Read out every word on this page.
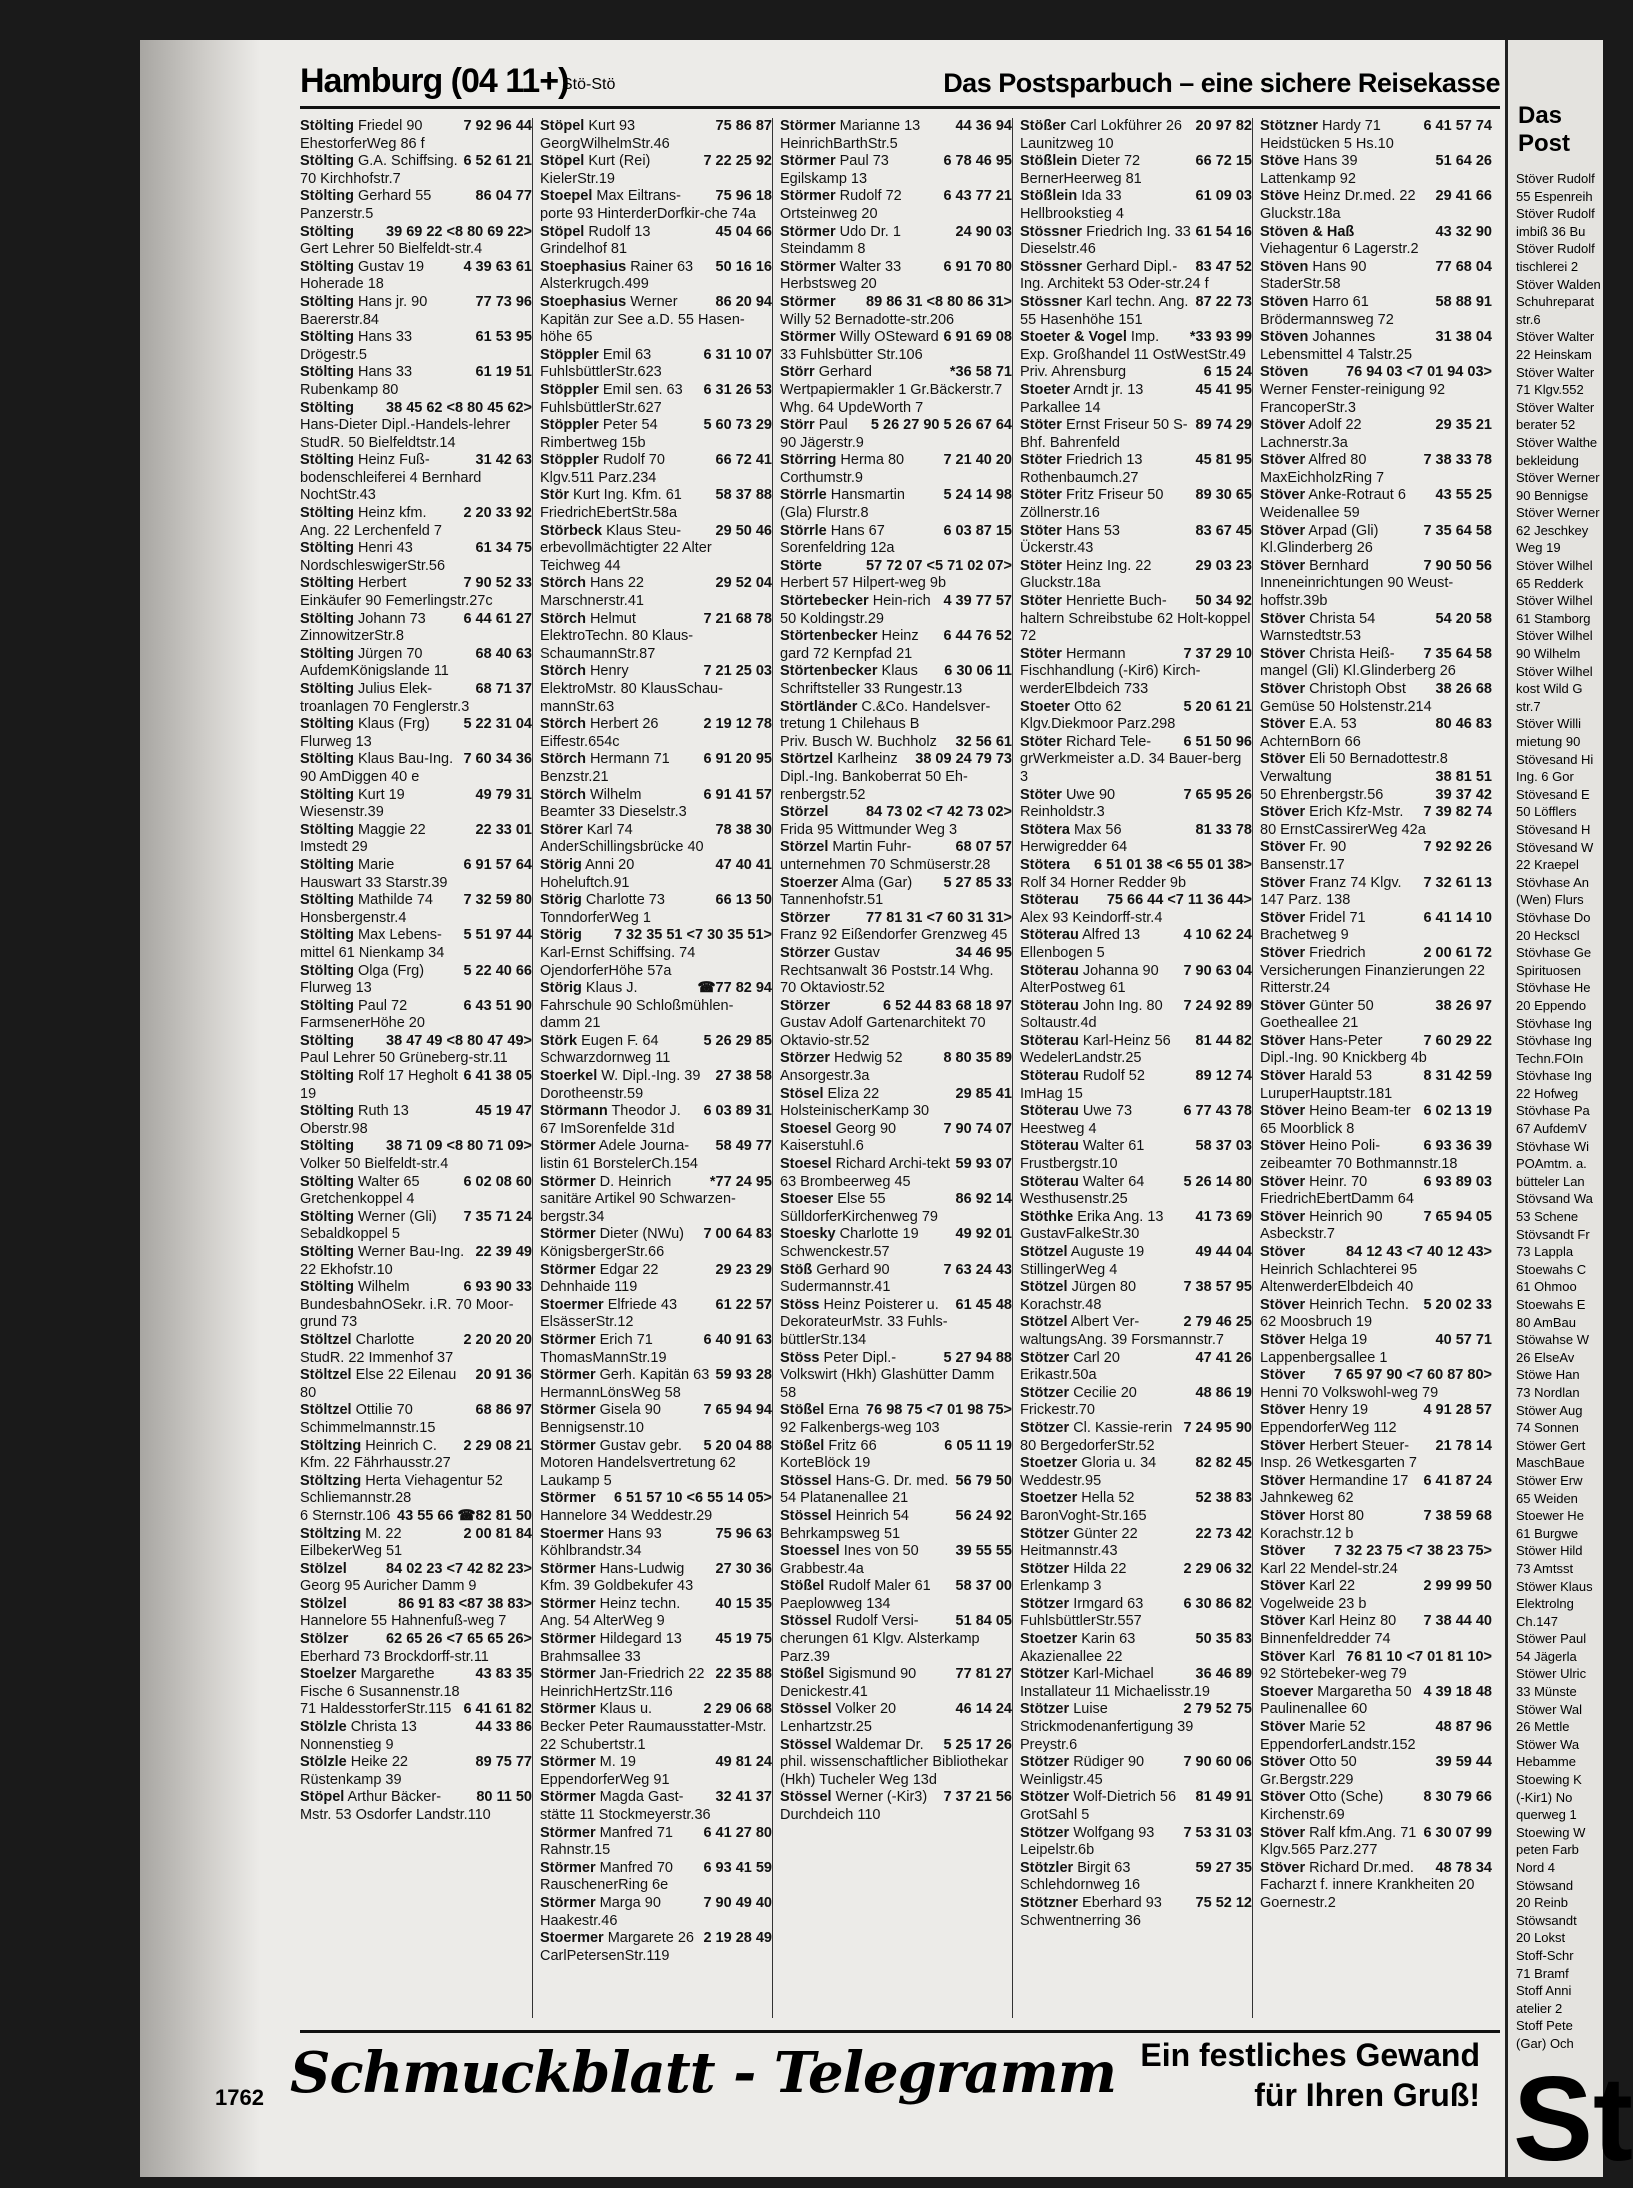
Hamburg (04 11+)
Stö-Stö	Das Postsparbuch – eine sichere Reisekasse
7 92 96 44
Stölting Friedel 90 EhestorferWeg 86 f
6 52 61 21
Stölting G.A. Schiffsing. 70 Kirchhofstr.7
86 04 77
Stölting Gerhard 55 Panzerstr.5
39 69 22 <8 80 69 22>
Stölting Gert Lehrer 50 Bielfeldt-str.4
4 39 63 61
Stölting Gustav 19 Hoherade 18
77 73 96
Stölting Hans jr. 90 Baererstr.84
61 53 95
Stölting Hans 33 Drögestr.5
61 19 51
Stölting Hans 33 Rubenkamp 80
38 45 62 <8 80 45 62>
Stölting Hans-Dieter Dipl.-Handels-lehrer StudR. 50 Bielfeldtstr.14
31 42 63
Stölting Heinz Fuß-bodenschleiferei 4 Bernhard NochtStr.43
2 20 33 92
Stölting Heinz kfm. Ang. 22 Lerchenfeld 7
61 34 75
Stölting Henri 43 NordschleswigerStr.56
7 90 52 33
Stölting Herbert Einkäufer 90 Femerlingstr.27c
6 44 61 27
Stölting Johann 73 ZinnowitzerStr.8
68 40 63
Stölting Jürgen 70 AufdemKönigslande 11
68 71 37
Stölting Julius Elek-troanlagen 70 Fenglerstr.3
5 22 31 04
Stölting Klaus (Frg) Flurweg 13
7 60 34 36
Stölting Klaus Bau-Ing. 90 AmDiggen 40 e
49 79 31
Stölting Kurt 19 Wiesenstr.39
22 33 01
Stölting Maggie 22 Imstedt 29
6 91 57 64
Stölting Marie Hauswart 33 Starstr.39
7 32 59 80
Stölting Mathilde 74 Honsbergenstr.4
5 51 97 44
Stölting Max Lebens-mittel 61 Nienkamp 34
5 22 40 66
Stölting Olga (Frg) Flurweg 13
6 43 51 90
Stölting Paul 72 FarmsenerHöhe 20
38 47 49 <8 80 47 49>
Stölting Paul Lehrer 50 Grüneberg-str.11
6 41 38 05
Stölting Rolf 17 Hegholt 19
45 19 47
Stölting Ruth 13 Oberstr.98
38 71 09 <8 80 71 09>
Stölting Volker 50 Bielfeldt-str.4
6 02 08 60
Stölting Walter 65 Gretchenkoppel 4
7 35 71 24
Stölting Werner (Gli) Sebaldkoppel 5
22 39 49
Stölting Werner Bau-Ing. 22 Ekhofstr.10
6 93 90 33
Stölting Wilhelm BundesbahnOSekr. i.R. 70 Moor-grund 73
2 20 20 20
Stöltzel Charlotte StudR. 22 Immenhof 37
20 91 36
Stöltzel Else 22 Eilenau 80
68 86 97
Stöltzel Ottilie 70 Schimmelmannstr.15
2 29 08 21
Stöltzing Heinrich C. Kfm. 22 Fährhausstr.27
Stöltzing Herta Viehagentur 52 Schliemannstr.28
☎82 81 50
43 55 66
6 Sternstr.106
2 00 81 84
Stöltzing M. 22 EilbekerWeg 51
84 02 23 <7 42 82 23>
Stölzel Georg 95 Auricher Damm 9
86 91 83 <87 38 83>
Stölzel Hannelore 55 Hahnenfuß-weg 7
62 65 26 <7 65 65 26>
Stölzer Eberhard 73 Brockdorff-str.11
43 83 35
Stoelzer Margarethe Fische 6 Susannenstr.18
6 41 61 82
71 HaldesstorferStr.115
44 33 86
Stölzle Christa 13 Nonnenstieg 9
89 75 77
Stölzle Heike 22 Rüstenkamp 39
80 11 50
Stöpel Arthur Bäcker-Mstr. 53 Osdorfer Landstr.110
75 86 87
Stöpel Kurt 93 GeorgWilhelmStr.46
7 22 25 92
Stöpel Kurt (Rei) KielerStr.19
75 96 18
Stoepel Max Eiltrans-porte 93 HinterderDorfkir-che 74a
45 04 66
Stöpel Rudolf 13 Grindelhof 81
50 16 16
Stoephasius Rainer 63 Alsterkrugch.499
86 20 94
Stoephasius Werner Kapitän zur See a.D. 55 Hasen-höhe 65
6 31 10 07
Stöppler Emil 63 FuhlsbüttlerStr.623
6 31 26 53
Stöppler Emil sen. 63 FuhlsbüttlerStr.627
5 60 73 29
Stöppler Peter 54 Rimbertweg 15b
66 72 41
Stöppler Rudolf 70 Klgv.511 Parz.234
58 37 88
Stör Kurt Ing. Kfm. 61 FriedrichEbertStr.58a
29 50 46
Störbeck Klaus Steu-erbevollmächtigter 22 Alter Teichweg 44
29 52 04
Störch Hans 22 Marschnerstr.41
7 21 68 78
Störch Helmut ElektroTechn. 80 Klaus-SchaumannStr.87
7 21 25 03
Störch Henry ElektroMstr. 80 KlausSchau-mannStr.63
2 19 12 78
Störch Herbert 26 Eiffestr.654c
6 91 20 95
Störch Hermann 71 Benzstr.21
6 91 41 57
Störch Wilhelm Beamter 33 Dieselstr.3
78 38 30
Störer Karl 74 AnderSchillingsbrücke 40
47 40 41
Störig Anni 20 Hoheluftch.91
66 13 50
Störig Charlotte 73 TonndorferWeg 1
7 32 35 51 <7 30 35 51>
Störig Karl-Ernst Schiffsing. 74 OjendorferHöhe 57a
☎77 82 94
Störig Klaus J. Fahrschule 90 Schloßmühlen-damm 21
5 26 29 85
Störk Eugen F. 64 Schwarzdornweg 11
27 38 58
Stoerkel W. Dipl.-Ing. 39 Dorotheenstr.59
6 03 89 31
Störmann Theodor J. 67 ImSorenfelde 31d
58 49 77
Störmer Adele Journa-listin 61 BorstelerCh.154
*77 24 95
Störmer D. Heinrich sanitäre Artikel 90 Schwarzen-bergstr.34
7 00 64 83
Störmer Dieter (NWu) KönigsbergerStr.66
29 23 29
Störmer Edgar 22 Dehnhaide 119
61 22 57
Stoermer Elfriede 43 ElsässerStr.12
6 40 91 63
Störmer Erich 71 ThomasMannStr.19
59 93 28
Störmer Gerh. Kapitän 63 HermannLönsWeg 58
7 65 94 94
Störmer Gisela 90 Bennigsenstr.10
5 20 04 88
Störmer Gustav gebr. Motoren Handelsvertretung 62 Laukamp 5
6 51 57 10 <6 55 14 05>
Störmer Hannelore 34 Weddestr.29
75 96 63
Stoermer Hans 93 Köhlbrandstr.34
27 30 36
Störmer Hans-Ludwig Kfm. 39 Goldbekufer 43
40 15 35
Störmer Heinz techn. Ang. 54 AlterWeg 9
45 19 75
Störmer Hildegard 13 Brahmsallee 33
22 35 88
Störmer Jan-Friedrich 22 HeinrichHertzStr.116
2 29 06 68
Störmer Klaus u. Becker Peter Raumausstatter-Mstr. 22 Schubertstr.1
49 81 24
Störmer M. 19 EppendorferWeg 91
32 41 37
Störmer Magda Gast-stätte 11 Stockmeyerstr.36
6 41 27 80
Störmer Manfred 71 Rahnstr.15
6 93 41 59
Störmer Manfred 70 RauschenerRing 6e
7 90 49 40
Störmer Marga 90 Haakestr.46
2 19 28 49
Stoermer Margarete 26 CarlPetersenStr.119
44 36 94
Störmer Marianne 13 HeinrichBarthStr.5
6 78 46 95
Störmer Paul 73 Egilskamp 13
6 43 77 21
Störmer Rudolf 72 Ortsteinweg 20
24 90 03
Störmer Udo Dr. 1 Steindamm 8
6 91 70 80
Störmer Walter 33 Herbstsweg 20
89 86 31 <8 80 86 31>
Störmer Willy 52 Bernadotte-str.206
6 91 69 08
Störmer Willy OSteward 33 Fuhlsbütter Str.106
*36 58 71
Störr Gerhard Wertpapiermakler 1 Gr.Bäckerstr.7 Whg. 64 UpdeWorth 7
5 26 67 64
5 26 27 90
Störr Paul 90 Jägerstr.9
7 21 40 20
Störring Herma 80 Corthumstr.9
5 24 14 98
Störrle Hansmartin (Gla) Flurstr.8
6 03 87 15
Störrle Hans 67 Sorenfeldring 12a
57 72 07 <5 71 02 07>
Störte Herbert 57 Hilpert-weg 9b
4 39 77 57
Störtebecker Hein-rich 50 Koldingstr.29
6 44 76 52
Störtenbecker Heinz gard 72 Kernpfad 21
6 30 06 11
Störtenbecker Klaus Schriftsteller 33 Rungestr.13
Störtländer C.&Co. Handelsver-tretung 1 Chilehaus B
32 56 61
Priv. Busch W. Buchholz
79 73
38 09 24
Störtzel Karlheinz Dipl.-Ing. Bankoberrat 50 Eh-renbergstr.52
84 73 02 <7 42 73 02>
Störzel Frida 95 Wittmunder Weg 3
68 07 57
Störzel Martin Fuhr-unternehmen 70 Schmüserstr.28
5 27 85 33
Stoerzer Alma (Gar) Tannenhofstr.51
77 81 31 <7 60 31 31>
Störzer Franz 92 Eißendorfer Grenzweg 45
34 46 95
Störzer Gustav Rechtsanwalt 36 Poststr.14 Whg. 70 Oktaviostr.52
68 18 97
6 52 44 83
Störzer Gustav Adolf Gartenarchitekt 70 Oktavio-str.52
8 80 35 89
Störzer Hedwig 52 Ansorgestr.3a
29 85 41
Stösel Eliza 22 HolsteinischerKamp 30
7 90 74 07
Stoesel Georg 90 Kaiserstuhl.6
59 93 07
Stoesel Richard Archi-tekt 63 Brombeerweg 45
86 92 14
Stoeser Else 55 SülldorferKirchenweg 79
49 92 01
Stoesky Charlotte 19 Schwenckestr.57
7 63 24 43
Stöß Gerhard 90 Sudermannstr.41
61 45 48
Stöss Heinz Poisterer u. DekorateurMstr. 33 Fuhls-büttlerStr.134
5 27 94 88
Stöss Peter Dipl.-Volkswirt (Hkh) Glashütter Damm 58
76 98 75 <7 01 98 75>
Stößel Erna 92 Falkenbergs-weg 103
6 05 11 19
Stößel Fritz 66 KorteBlöck 19
56 79 50
Stössel Hans-G. Dr. med. 54 Platanenallee 21
56 24 92
Stössel Heinrich 54 Behrkampsweg 51
39 55 55
Stoessel Ines von 50 Grabbestr.4a
58 37 00
Stößel Rudolf Maler 61 Paeplowweg 134
51 84 05
Stössel Rudolf Versi-cherungen 61 Klgv. Alsterkamp Parz.39
77 81 27
Stößel Sigismund 90 Denickestr.41
46 14 24
Stössel Volker 20 Lenhartzstr.25
5 25 17 26
Stössel Waldemar Dr. phil. wissenschaftlicher Bibliothekar (Hkh) Tucheler Weg 13d
7 37 21 56
Stössel Werner (-Kir3) Durchdeich 110
20 97 82
Stößer Carl Lokführer 26 Launitzweg 10
66 72 15
Stößlein Dieter 72 BernerHeerweg 81
61 09 03
Stößlein Ida 33 Hellbrookstieg 4
61 54 16
Stössner Friedrich Ing. 33 Dieselstr.46
83 47 52
Stössner Gerhard Dipl.-Ing. Architekt 53 Oder-str.24 f
87 22 73
Stössner Karl techn. Ang. 55 Hasenhöhe 151
*33 93 99
Stoeter & Vogel Imp. Exp. Großhandel 11 OstWestStr.49
6 15 24
Priv. Ahrensburg
45 41 95
Stoeter Arndt jr. 13 Parkallee 14
89 74 29
Stöter Ernst Friseur 50 S-Bhf. Bahrenfeld
45 81 95
Stöter Friedrich 13 Rothenbaumch.27
89 30 65
Stöter Fritz Friseur 50 Zöllnerstr.16
83 67 45
Stöter Hans 53 Ückerstr.43
29 03 23
Stöter Heinz Ing. 22 Gluckstr.18a
50 34 92
Stöter Henriette Buch-haltern Schreibstube 62 Holt-koppel 72
7 37 29 10
Stöter Hermann Fischhandlung (-Kir6) Kirch-werderElbdeich 733
5 20 61 21
Stoeter Otto 62 Klgv.Diekmoor Parz.298
6 51 50 96
Stöter Richard Tele-grWerkmeister a.D. 34 Bauer-berg 3
7 65 95 26
Stöter Uwe 90 Reinholdstr.3
81 33 78
Stötera Max 56 Herwigredder 64
6 51 01 38 <6 55 01 38>
Stötera Rolf 34 Horner Redder 9b
75 66 44 <7 11 36 44>
Stöterau Alex 93 Keindorff-str.4
4 10 62 24
Stöterau Alfred 13 Ellenbogen 5
7 90 63 04
Stöterau Johanna 90 AlterPostweg 61
7 24 92 89
Stöterau John Ing. 80 Soltaustr.4d
81 44 82
Stöterau Karl-Heinz 56 WedelerLandstr.25
89 12 74
Stöterau Rudolf 52 ImHag 15
6 77 43 78
Stöterau Uwe 73 Heestweg 4
58 37 03
Stöterau Walter 61 Frustbergstr.10
5 26 14 80
Stöterau Walter 64 Westhusenstr.25
41 73 69
Stöthke Erika Ang. 13 GustavFalkeStr.30
49 44 04
Stötzel Auguste 19 StillingerWeg 4
7 38 57 95
Stötzel Jürgen 80 Korachstr.48
2 79 46 25
Stötzel Albert Ver-waltungsAng. 39 Forsmannstr.7
47 41 26
Stötzer Carl 20 Erikastr.50a
48 86 19
Stötzer Cecilie 20 Frickestr.70
7 24 95 90
Stötzer Cl. Kassie-rerin 80 BergedorferStr.52
82 82 45
Stoetzer Gloria u. 34 Weddestr.95
52 38 83
Stoetzer Hella 52 BaronVoght-Str.165
22 73 42
Stötzer Günter 22 Heitmannstr.43
2 29 06 32
Stötzer Hilda 22 Erlenkamp 3
6 30 86 82
Stötzer Irmgard 63 FuhlsbüttlerStr.557
50 35 83
Stoetzer Karin 63 Akazienallee 22
36 46 89
Stötzer Karl-Michael Installateur 11 Michaelisstr.19
2 79 52 75
Stötzer Luise Strickmodenanfertigung 39 Preystr.6
7 90 60 06
Stötzer Rüdiger 90 Weinligstr.45
81 49 91
Stötzer Wolf-Dietrich 56 GrotSahl 5
7 53 31 03
Stötzer Wolfgang 93 Leipelstr.6b
59 27 35
Stötzler Birgit 63 Schlehdornweg 16
75 52 12
Stötzner Eberhard 93 Schwentnerring 36
6 41 57 74
Stötzner Hardy 71 Heidstücken 5 Hs.10
51 64 26
Stöve Hans 39 Lattenkamp 92
29 41 66
Stöve Heinz Dr.med. 22 Gluckstr.18a
43 32 90
Stöven & Haß Viehagentur 6 Lagerstr.2
77 68 04
Stöven Hans 90 StaderStr.58
58 88 91
Stöven Harro 61 Brödermannsweg 72
31 38 04
Stöven Johannes Lebensmittel 4 Talstr.25
76 94 03 <7 01 94 03>
Stöven Werner Fenster-reinigung 92 FrancoperStr.3
29 35 21
Stöver Adolf 22 Lachnerstr.3a
7 38 33 78
Stöver Alfred 80 MaxEichholzRing 7
43 55 25
Stöver Anke-Rotraut 6 Weidenallee 59
7 35 64 58
Stöver Arpad (Gli) Kl.Glinderberg 26
7 90 50 56
Stöver Bernhard Inneneinrichtungen 90 Weust-hoffstr.39b
54 20 58
Stöver Christa 54 Warnstedtstr.53
7 35 64 58
Stöver Christa Heiß-mangel (Gli) Kl.Glinderberg 26
38 26 68
Stöver Christoph Obst Gemüse 50 Holstenstr.214
80 46 83
Stöver E.A. 53 AchternBorn 66
Stöver Eli 50 Bernadottestr.8
38 81 51
Verwaltung
39 37 42
50 Ehrenbergstr.56
7 39 82 74
Stöver Erich Kfz-Mstr. 80 ErnstCassirerWeg 42a
7 92 92 26
Stöver Fr. 90 Bansenstr.17
7 32 61 13
Stöver Franz 74 Klgv. 147 Parz. 138
6 41 14 10
Stöver Fridel 71 Brachetweg 9
2 00 61 72
Stöver Friedrich Versicherungen Finanzierungen 22 Ritterstr.24
38 26 97
Stöver Günter 50 Goetheallee 21
7 60 29 22
Stöver Hans-Peter Dipl.-Ing. 90 Knickberg 4b
8 31 42 59
Stöver Harald 53 LuruperHauptstr.181
6 02 13 19
Stöver Heino Beam-ter 65 Moorblick 8
6 93 36 39
Stöver Heino Poli-zeibeamter 70 Bothmannstr.18
6 93 89 03
Stöver Heinr. 70 FriedrichEbertDamm 64
7 65 94 05
Stöver Heinrich 90 Asbeckstr.7
84 12 43 <7 40 12 43>
Stöver Heinrich Schlachterei 95 AltenwerderElbdeich 40
5 20 02 33
Stöver Heinrich Techn. 62 Moosbruch 19
40 57 71
Stöver Helga 19 Lappenbergsallee 1
7 65 97 90 <7 60 87 80>
Stöver Henni 70 Volkswohl-weg 79
4 91 28 57
Stöver Henry 19 EppendorferWeg 112
21 78 14
Stöver Herbert Steuer-Insp. 26 Wetkesgarten 7
6 41 87 24
Stöver Hermandine 17 Jahnkeweg 62
7 38 59 68
Stöver Horst 80 Korachstr.12 b
7 32 23 75 <7 38 23 75>
Stöver Karl 22 Mendel-str.24
2 99 99 50
Stöver Karl 22 Vogelweide 23 b
7 38 44 40
Stöver Karl Heinz 80 Binnenfeldredder 74
76 81 10 <7 01 81 10>
Stöver Karl 92 Störtebeker-weg 79
4 39 18 48
Stoever Margaretha 50 Paulinenallee 60
48 87 96
Stöver Marie 52 EppendorferLandstr.152
39 59 44
Stöver Otto 50 Gr.Bergstr.229
8 30 79 66
Stöver Otto (Sche) Kirchenstr.69
6 30 07 99
Stöver Ralf kfm.Ang. 71 Klgv.565 Parz.277
48 78 34
Stöver Richard Dr.med. Facharzt f. innere Krankheiten 20 Goernestr.2
Das Post
Stöver Rudolf
55 Espenreih
Stöver Rudolf
imbiß 36 Bu
Stöver Rudolf
tischlerei 2
Stöver Walden
Schuhreparat
str.6
Stöver Walter
22 Heinskam
Stöver Walter
71 Klgv.552
Stöver Walter
berater 52
Stöver Walthe
bekleidung
Stöver Werner
90 Bennigse
Stöver Werner
62 Jeschkey
Weg 19
Stöver Wilhel
65 Redderk
Stöver Wilhel
61 Stamborg
Stöver Wilhel
90 Wilhelm
Stöver Wilhel
kost Wild G
str.7
Stöver Willi
mietung 90
Stövesand Hi
Ing. 6 Gor
Stövesand E
50 Löfflers
Stövesand H
Stövesand W
22 Kraepel
Stövhase An
(Wen) Flurs
Stövhase Do
20 Heckscl
Stövhase Ge
Spirituosen
Stövhase He
20 Eppendo
Stövhase Ing
Stövhase Ing
Techn.FOIn
Stövhase Ing
22 Hofweg
Stövhase Pa
67 AufdemV
Stövhase Wi
POAmtm. a.
bütteler Lan
Stövsand Wa
53 Schene
Stövsandt Fr
73 Lappla
Stoewahs C
61 Ohmoo
Stoewahs E
80 AmBau
Stöwahse W
26 ElseAv
Stöwe Han
73 Nordlan
Stöwer Aug
74 Sonnen
Stöwer Gert
MaschBaue
Stöwer Erw
65 Weiden
Stoewer He
61 Burgwe
Stöwer Hild
73 Amtsst
Stöwer Klaus
Elektrolng
Ch.147
Stöwer Paul
54 Jägerla
Stöwer Ulric
33 Münste
Stöwer Wal
26 Mettle
Stöwer Wa
Hebamme
Stoewing K
(-Kir1) No
querweg 1
Stoewing W
peten Farb
Nord 4
Stöwsand
20 Reinb
Stöwsandt
20 Lokst
Stoff-Schr
71 Bramf
Stoff Anni
atelier 2
Stoff Pete
(Gar) Och
St
1762 Schmuckblatt - Telegramm Ein festliches Gewand
für Ihren Gruß!
